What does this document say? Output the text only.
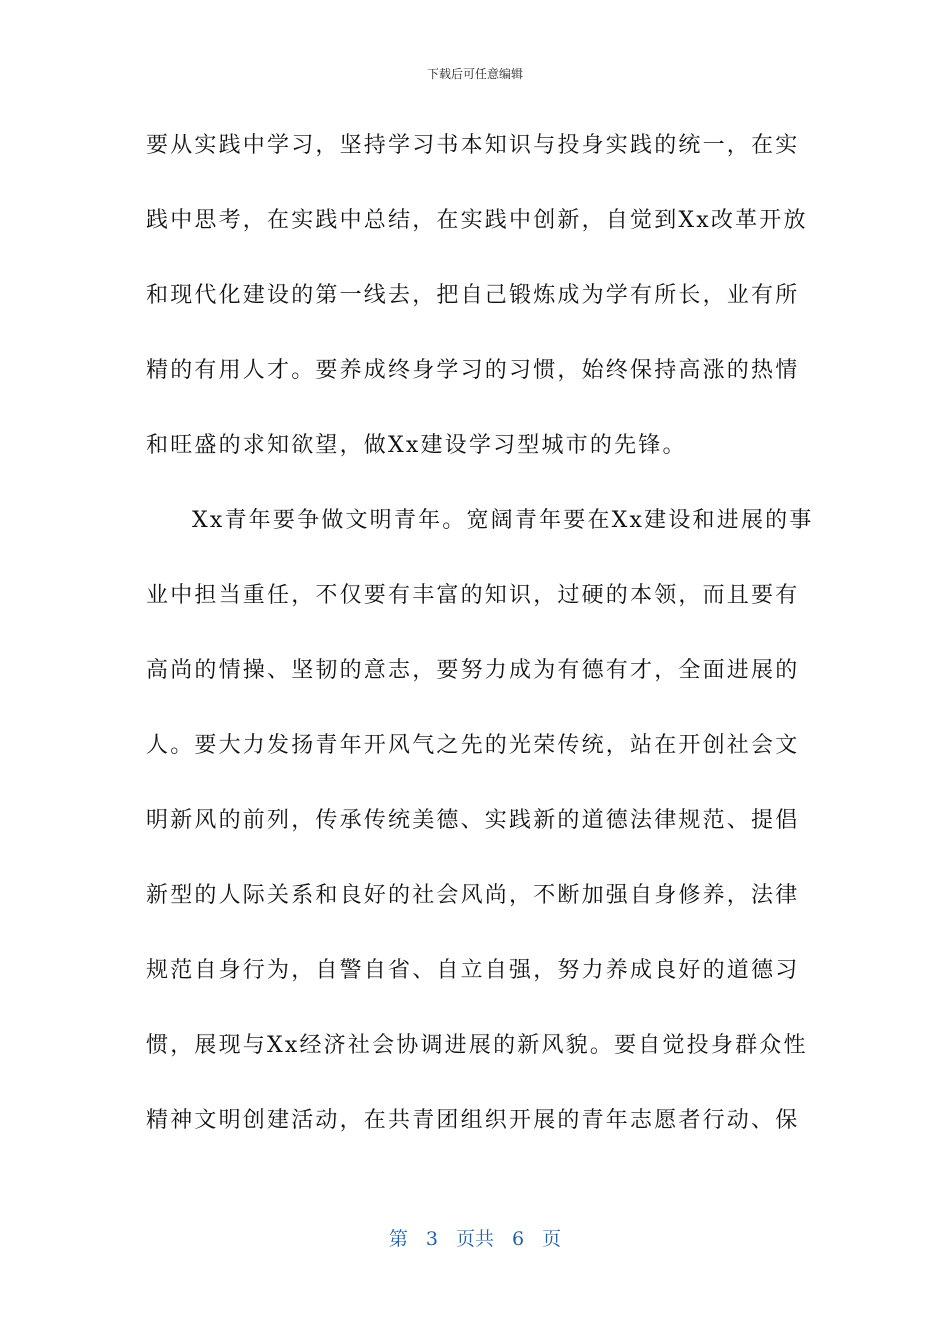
下载后可任意编辑
要从实践中学习，坚持学习书本知识与投身实践的统一，在实
践中思考，在实践中总结，在实践中创新，自觉到Xx改革开放
和现代化建设的第一线去，把自己锻炼成为学有所长，业有所
精的有用人才。要养成终身学习的习惯，始终保持高涨的热情
和旺盛的求知欲望，做Xx建设学习型城市的先锋。
Xx青年要争做文明青年。宽阔青年要在Xx建设和进展的事
业中担当重任，不仅要有丰富的知识，过硬的本领，而且要有
高尚的情操、坚韧的意志，要努力成为有德有才，全面进展的
人。要大力发扬青年开风气之先的光荣传统，站在开创社会文
明新风的前列，传承传统美德、实践新的道德法律规范、提倡
新型的人际关系和良好的社会风尚，不断加强自身修养，法律
规范自身行为，自警自省、自立自强，努力养成良好的道德习
惯，展现与Xx经济社会协调进展的新风貌。要自觉投身群众性
精神文明创建活动，在共青团组织开展的青年志愿者行动、保
第 3 页共 6 页
